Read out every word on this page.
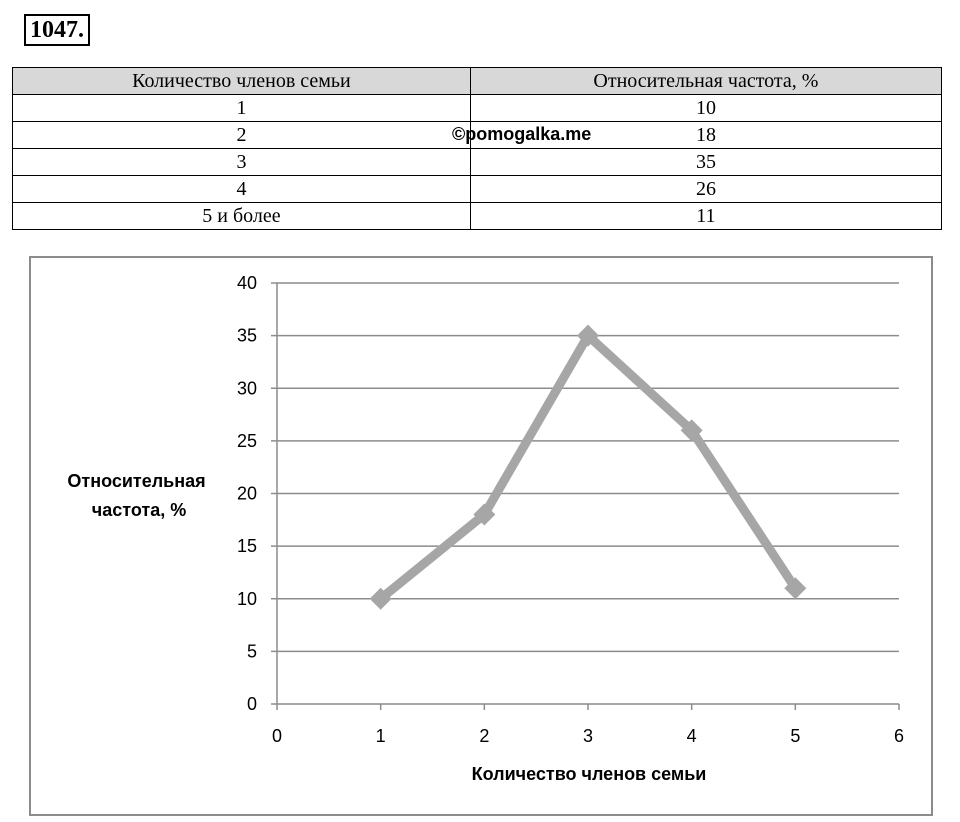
1047.
Количество членов семьи	Относительная частота, %
1	10
2	18
3	35
4	26
5 и более	11
©pomogalka.me
0
5
10
15
20
25
30
35
40
0	1	2	3	4	5	6
Количество членов семьи
Относительная частота, %
